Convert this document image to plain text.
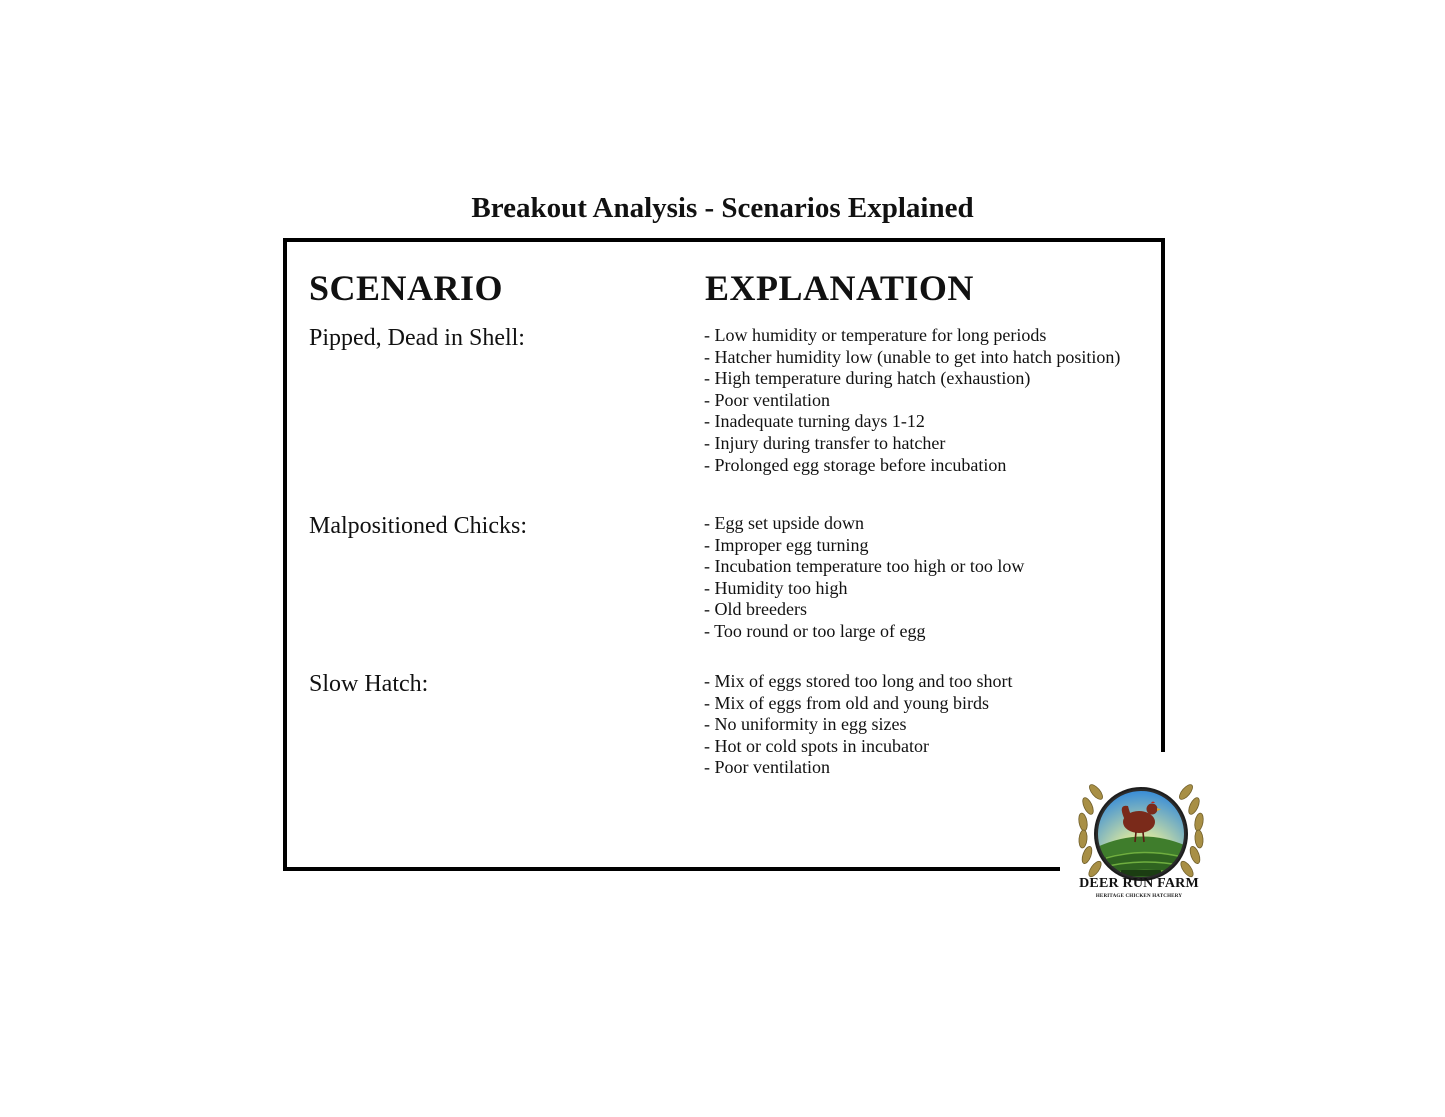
Breakout Analysis - Scenarios Explained
SCENARIO	EXPLANATION
Pipped, Dead in Shell:	- Low humidity or temperature for long periods
- Hatcher humidity low (unable to get into hatch position)
- High temperature during hatch (exhaustion)
- Poor ventilation
- Inadequate turning days 1-12
- Injury during transfer to hatcher
- Prolonged egg storage before incubation
Malpositioned Chicks:	- Egg set upside down
- Improper egg turning
- Incubation temperature too high or too low
- Humidity too high
- Old breeders
- Too round or too large of egg
Slow Hatch:	- Mix of eggs stored too long and too short
- Mix of eggs from old and young birds
- No uniformity in egg sizes
- Hot or cold spots in incubator
- Poor ventilation
DEER RUN FARM
HERITAGE CHICKEN HATCHERY
